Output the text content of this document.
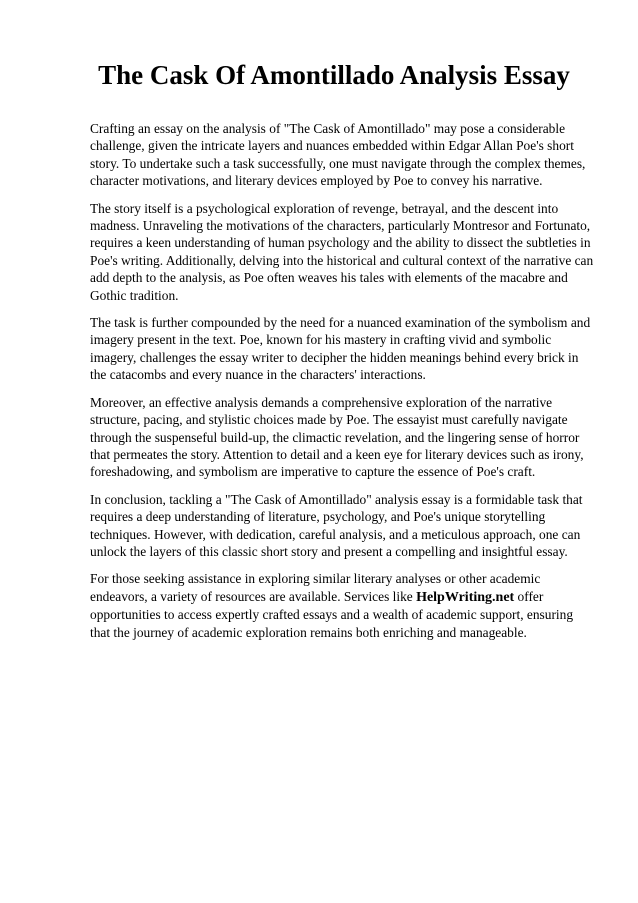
The Cask Of Amontillado Analysis Essay

Crafting an essay on the analysis of "The Cask of Amontillado" may pose a considerable challenge, given the intricate layers and nuances embedded within Edgar Allan Poe's short story. To undertake such a task successfully, one must navigate through the complex themes, character motivations, and literary devices employed by Poe to convey his narrative.

The story itself is a psychological exploration of revenge, betrayal, and the descent into madness. Unraveling the motivations of the characters, particularly Montresor and Fortunato, requires a keen understanding of human psychology and the ability to dissect the subtleties in Poe's writing. Additionally, delving into the historical and cultural context of the narrative can add depth to the analysis, as Poe often weaves his tales with elements of the macabre and Gothic tradition.

The task is further compounded by the need for a nuanced examination of the symbolism and imagery present in the text. Poe, known for his mastery in crafting vivid and symbolic imagery, challenges the essay writer to decipher the hidden meanings behind every brick in the catacombs and every nuance in the characters' interactions.

Moreover, an effective analysis demands a comprehensive exploration of the narrative structure, pacing, and stylistic choices made by Poe. The essayist must carefully navigate through the suspenseful build-up, the climactic revelation, and the lingering sense of horror that permeates the story. Attention to detail and a keen eye for literary devices such as irony, foreshadowing, and symbolism are imperative to capture the essence of Poe's craft.

In conclusion, tackling a "The Cask of Amontillado" analysis essay is a formidable task that requires a deep understanding of literature, psychology, and Poe's unique storytelling techniques. However, with dedication, careful analysis, and a meticulous approach, one can unlock the layers of this classic short story and present a compelling and insightful essay.

For those seeking assistance in exploring similar literary analyses or other academic endeavors, a variety of resources are available. Services like HelpWriting.net offer opportunities to access expertly crafted essays and a wealth of academic support, ensuring that the journey of academic exploration remains both enriching and manageable.
